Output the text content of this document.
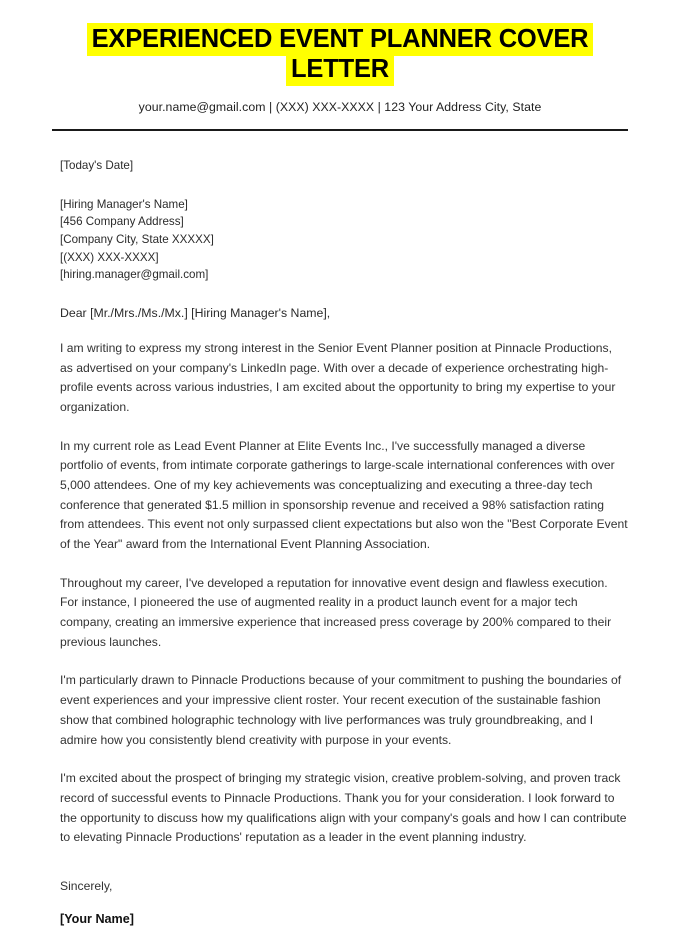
EXPERIENCED EVENT PLANNER COVER LETTER
your.name@gmail.com | (XXX) XXX-XXXX | 123 Your Address City, State
[Today's Date]
[Hiring Manager's Name]
[456 Company Address]
[Company City, State XXXXX]
[(XXX) XXX-XXXX]
[hiring.manager@gmail.com]
Dear [Mr./Mrs./Ms./Mx.] [Hiring Manager's Name],

I am writing to express my strong interest in the Senior Event Planner position at Pinnacle Productions, as advertised on your company's LinkedIn page. With over a decade of experience orchestrating high-profile events across various industries, I am excited about the opportunity to bring my expertise to your organization.

In my current role as Lead Event Planner at Elite Events Inc., I've successfully managed a diverse portfolio of events, from intimate corporate gatherings to large-scale international conferences with over 5,000 attendees. One of my key achievements was conceptualizing and executing a three-day tech conference that generated $1.5 million in sponsorship revenue and received a 98% satisfaction rating from attendees. This event not only surpassed client expectations but also won the "Best Corporate Event of the Year" award from the International Event Planning Association.

Throughout my career, I've developed a reputation for innovative event design and flawless execution. For instance, I pioneered the use of augmented reality in a product launch event for a major tech company, creating an immersive experience that increased press coverage by 200% compared to their previous launches.

I'm particularly drawn to Pinnacle Productions because of your commitment to pushing the boundaries of event experiences and your impressive client roster. Your recent execution of the sustainable fashion show that combined holographic technology with live performances was truly groundbreaking, and I admire how you consistently blend creativity with purpose in your events.

I'm excited about the prospect of bringing my strategic vision, creative problem-solving, and proven track record of successful events to Pinnacle Productions. Thank you for your consideration. I look forward to the opportunity to discuss how my qualifications align with your company's goals and how I can contribute to elevating Pinnacle Productions' reputation as a leader in the event planning industry.

Sincerely,
[Your Name]
